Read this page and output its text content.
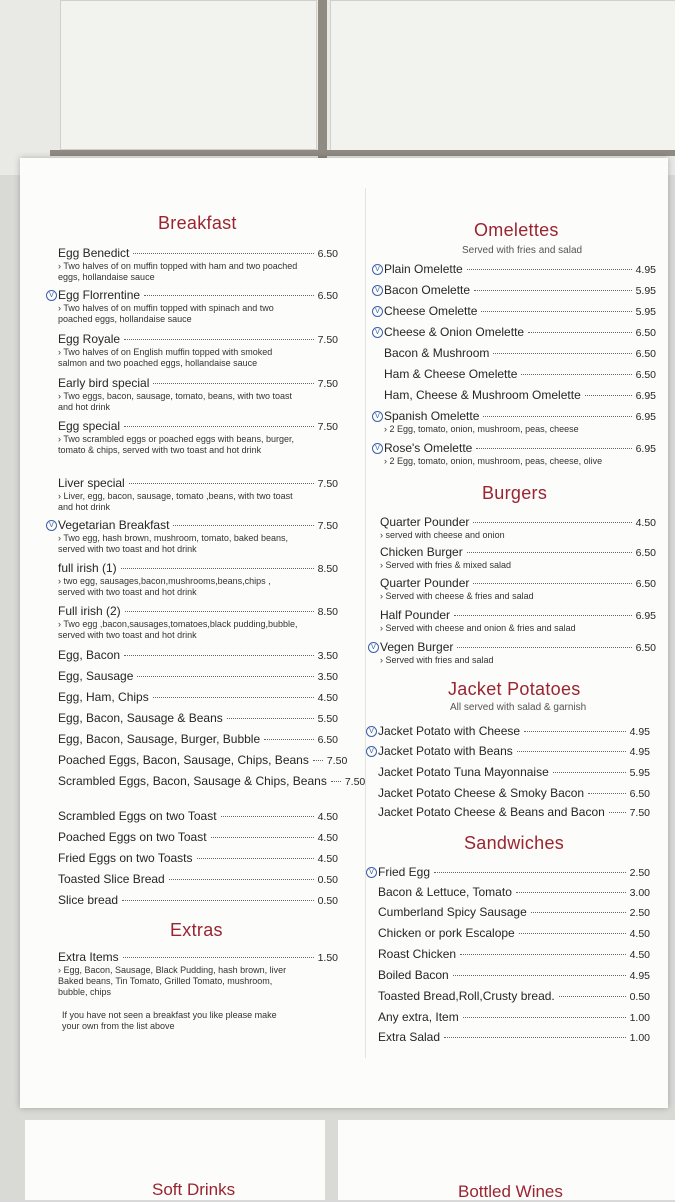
Breakfast
Egg Benedict	6.50
› Two halves of on muffin topped with ham and two poached eggs, hollandaise sauce
V Egg Florrentine	6.50
› Two halves of on muffin topped with spinach and two poached eggs, hollandaise sauce
Egg Royale	7.50
› Two halves of on English muffin topped with smoked salmon and two poached eggs, hollandaise sauce
Early bird special	7.50
› Two eggs, bacon, sausage, tomato, beans, with two toast and hot drink
Egg special	7.50
› Two scrambled eggs or poached eggs with beans, burger, tomato & chips, served with two toast and hot drink
Liver special	7.50
› Liver, egg, bacon, sausage, tomato ,beans, with two toast and hot drink
V Vegetarian Breakfast	7.50
› Two egg, hash brown, mushroom, tomato, baked beans, served with two toast and hot drink
full irish (1)	8.50
› two egg, sausages,bacon,mushrooms,beans,chips , served with two toast and hot drink
Full irish (2)	8.50
› Two egg ,bacon,sausages,tomatoes,black pudding,bubble, served with two toast and hot drink
Egg, Bacon	3.50
Egg, Sausage	3.50
Egg, Ham, Chips	4.50
Egg, Bacon, Sausage & Beans	5.50
Egg, Bacon, Sausage, Burger, Bubble	6.50
Poached Eggs, Bacon, Sausage, Chips, Beans 7.50
Scrambled Eggs, Bacon, Sausage & Chips, Beans 7.50
Scrambled Eggs on two Toast	4.50
Poached Eggs on two Toast	4.50
Fried Eggs on two Toasts	4.50
Toasted Slice Bread	0.50
Slice bread	0.50
Extras
Extra Items	1.50
› Egg, Bacon, Sausage, Black Pudding, hash brown, liver Baked beans, Tin Tomato, Grilled Tomato, mushroom, bubble, chips
If you have not seen a breakfast you like please make your own from the list above
Omelettes
Served with fries and salad
V Plain Omelette	4.95
V Bacon Omelette	5.95
V Cheese Omelette	5.95
V Cheese & Onion Omelette	6.50
Bacon & Mushroom	6.50
Ham & Cheese Omelette	6.50
Ham, Cheese & Mushroom Omelette	6.95
V Spanish Omelette	6.95
› 2 Egg, tomato, onion, mushroom, peas, cheese
V Rose's Omelette	6.95
› 2 Egg, tomato, onion, mushroom, peas, cheese, olive
Burgers
Quarter Pounder	4.50
› served with cheese and onion
Chicken Burger	6.50
› Served with fries & mixed salad
Quarter Pounder	6.50
› Served with cheese & fries and salad
Half Pounder	6.95
› Served with cheese and onion & fries and salad
V Vegen Burger	6.50
› Served with fries and salad
Jacket Potatoes
All served with salad & garnish
V Jacket Potato with Cheese	4.95
V Jacket Potato with Beans	4.95
Jacket Potato Tuna Mayonnaise	5.95
Jacket Potato Cheese & Smoky Bacon	6.50
Jacket Potato Cheese & Beans and Bacon 7.50
Sandwiches
V Fried Egg	2.50
Bacon & Lettuce, Tomato	3.00
Cumberland Spicy Sausage	2.50
Chicken or pork Escalope	4.50
Roast Chicken	4.50
Boiled Bacon	4.95
Toasted Bread,Roll,Crusty bread.	0.50
Any extra, Item	1.00
Extra Salad	1.00
Soft Drinks	Bottled Wines
